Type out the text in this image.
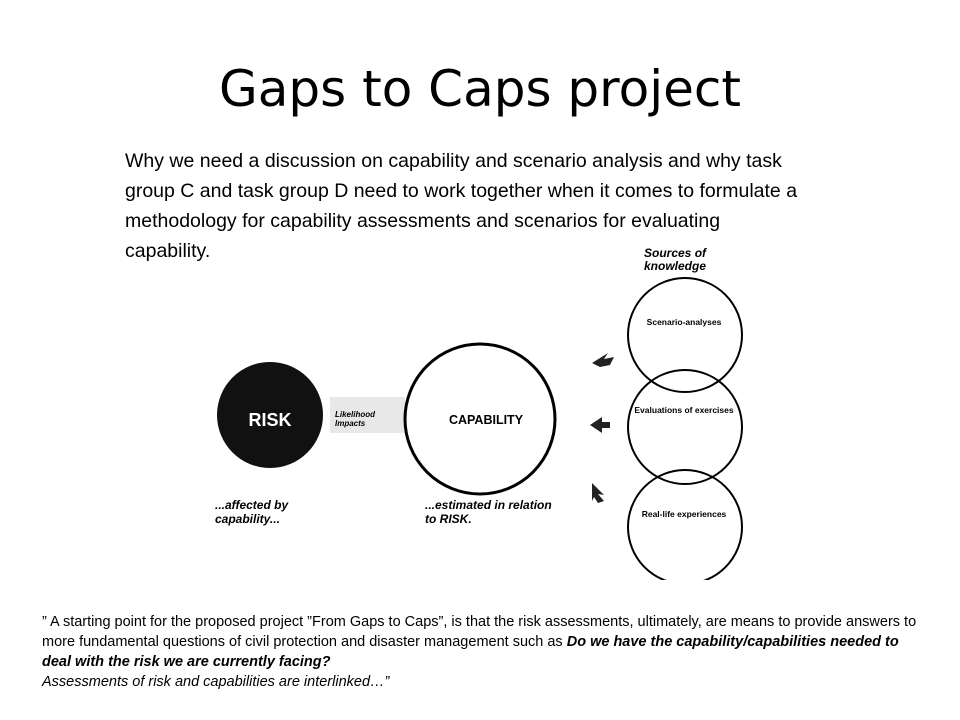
Gaps to Caps project

Why we need a discussion on capability and scenario analysis and why task group C and task group D need to work together when it comes to formulate a methodology for capability assessments and scenarios for evaluating capability.

RISK	Likelihood Impacts	CAPABILITY
...affected by capability...
...estimated in relation to RISK.
Sources of knowledge
Scenario-analyses
Evaluations of exercises
Real-life experiences

” A starting point for the proposed project ”From Gaps to Caps”, is that the risk assessments, ultimately, are means to provide answers to more fundamental questions of civil protection and disaster management such as Do we have the capability/capabilities needed to deal with the risk we are currently facing?
Assessments of risk and capabilities are interlinked…”
